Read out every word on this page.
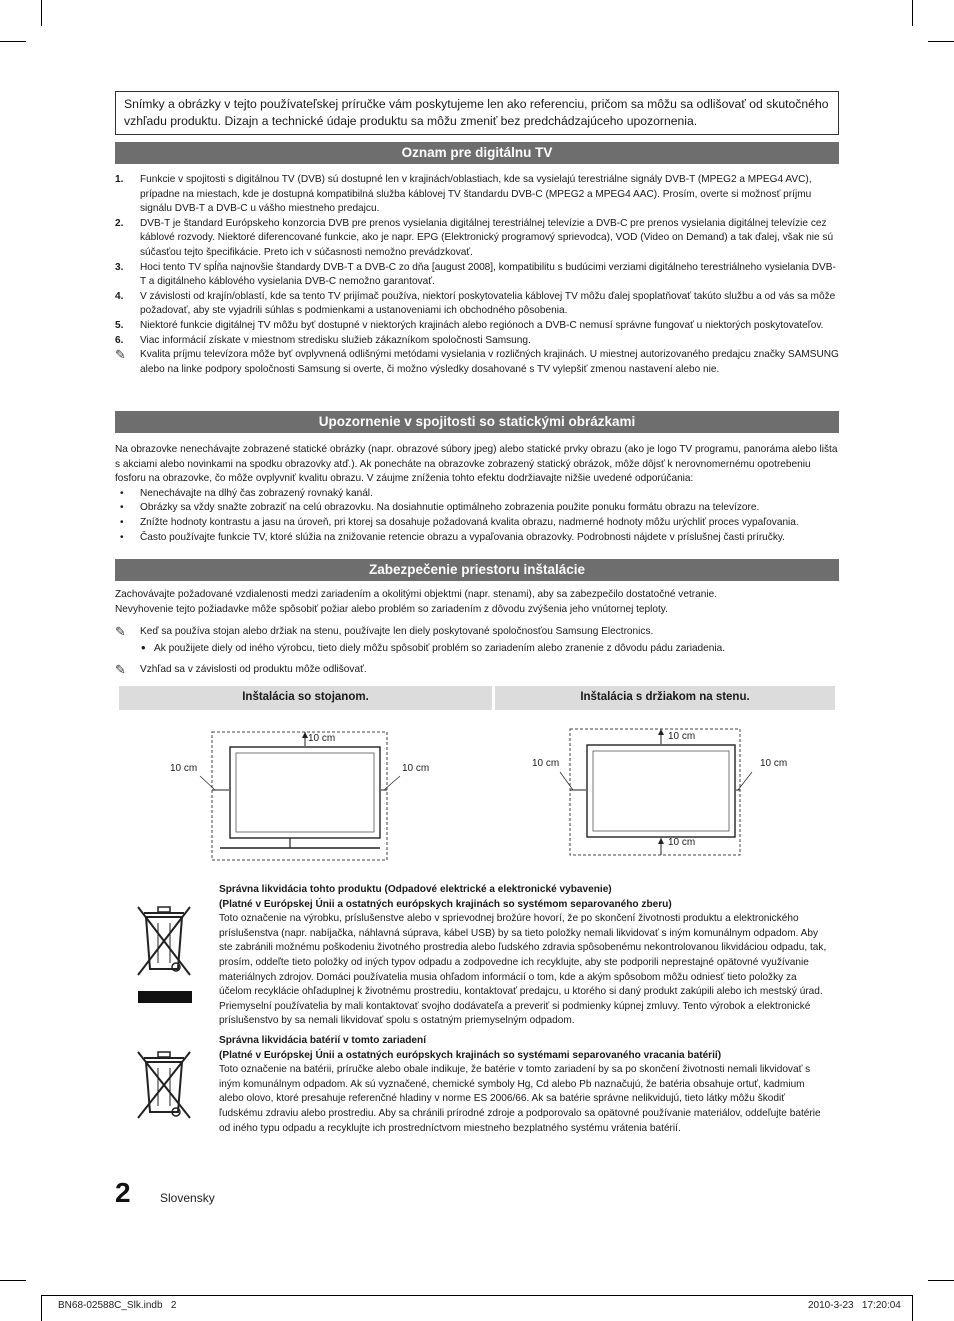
Snímky a obrázky v tejto používateľskej príručke vám poskytujeme len ako referenciu, pričom sa môžu sa odlišovať od skutočného vzhľadu produktu. Dizajn a technické údaje produktu sa môžu zmeniť bez predchádzajúceho upozornenia.
Oznam pre digitálnu TV
1. Funkcie v spojitosti s digitálnou TV (DVB) sú dostupné len v krajinách/oblastiach, kde sa vysielajú terestriálne signály DVB-T (MPEG2 a MPEG4 AVC), prípadne na miestach, kde je dostupná kompatibilná služba káblovej TV štandardu DVB-C (MPEG2 a MPEG4 AAC). Prosím, overte si možnosť príjmu signálu DVB-T a DVB-C u vášho miestneho predajcu.
2. DVB-T je štandard Európskeho konzorcia DVB pre prenos vysielania digitálnej terestriálnej televízie a DVB-C pre prenos vysielania digitálnej televízie cez káblové rozvody. Niektoré diferencované funkcie, ako je napr. EPG (Elektronický programový sprievodca), VOD (Video on Demand) a tak ďalej, však nie sú súčasťou tejto špecifikácie. Preto ich v súčasnosti nemožno prevádzkovať.
3. Hoci tento TV spĺňa najnovšie štandardy DVB-T a DVB-C zo dňa [august 2008], kompatibilitu s budúcimi verziami digitálneho terestriálneho vysielania DVB-T a digitálneho káblového vysielania DVB-C nemožno garantovať.
4. V závislosti od krajín/oblastí, kde sa tento TV prijímač používa, niektorí poskytovatelia káblovej TV môžu ďalej spoplatňovať takúto službu a od vás sa môže požadovať, aby ste vyjadrili súhlas s podmienkami a ustanoveniami ich obchodného pôsobenia.
5. Niektoré funkcie digitálnej TV môžu byť dostupné v niektorých krajinách alebo regiónoch a DVB-C nemusí správne fungovať u niektorých poskytovateľov.
6. Viac informácií získate v miestnom stredisku služieb zákazníkom spoločnosti Samsung.
✎ Kvalita príjmu televízora môže byť ovplyvnená odlišnými metódami vysielania v rozličných krajinách. U miestnej autorizovaného predajcu značky SAMSUNG alebo na linke podpory spoločnosti Samsung si overte, či možno výsledky dosahované s TV vylepšiť zmenou nastavení alebo nie.
Upozornenie v spojitosti so statickými obrázkami

Na obrazovke nenechávajte zobrazené statické obrázky (napr. obrazové súbory jpeg) alebo statické prvky obrazu (ako je logo TV programu, panoráma alebo lišta s akciami alebo novinkami na spodku obrazovky atď.). Ak ponecháte na obrazovke zobrazený statický obrázok, môže dôjsť k nerovnomernému opotrebeniu fosforu na obrazovke, čo môže ovplyvniť kvalitu obrazu. V záujme zníženia tohto efektu dodržiavajte nižšie uvedené odporúčania:

• Nenechávajte na dlhý čas zobrazený rovnaký kanál.
• Obrázky sa vždy snažte zobraziť na celú obrazovku. Na dosiahnutie optimálneho zobrazenia použite ponuku formátu obrazu na televízore.
• Znížte hodnoty kontrastu a jasu na úroveň, pri ktorej sa dosahuje požadovaná kvalita obrazu, nadmerné hodnoty môžu urýchliť proces vypaľovania.
• Často používajte funkcie TV, ktoré slúžia na znižovanie retencie obrazu a vypaľovania obrazovky. Podrobnosti nájdete v príslušnej časti príručky.
Zabezpečenie priestoru inštalácie

Zachovávajte požadované vzdialenosti medzi zariadením a okolitými objektmi (napr. stenami), aby sa zabezpečilo dostatočné vetranie.

Nevyhovenie tejto požiadavke môže spôsobiť požiar alebo problém so zariadením z dôvodu zvýšenia jeho vnútornej teploty.

✎ Keď sa používa stojan alebo držiak na stenu, používajte len diely poskytované spoločnosťou Samsung Electronics.
• Ak použijete diely od iného výrobcu, tieto diely môžu spôsobiť problém so zariadením alebo zranenie z dôvodu pádu zariadenia.
✎ Vzhľad sa v závislosti od produktu môže odlišovať.
Inštalácia so stojanom.	Inštalácia s držiakom na stenu.
10 cm
10 cm	10 cm
10 cm
10 cm	10 cm
10 cm
Správna likvidácia tohto produktu (Odpadové elektrické a elektronické vybavenie)
(Platné v Európskej Únii a ostatných európskych krajinách so systémom separovaného zberu)
Toto označenie na výrobku, príslušenstve alebo v sprievodnej brožúre hovorí, že po skončení životnosti produktu a elektronického príslušenstva (napr. nabíjačka, náhlavná súprava, kábel USB) by sa tieto položky nemali likvidovať s iným komunálnym odpadom. Aby ste zabránili možnému poškodeniu životného prostredia alebo ľudského zdravia spôsobenému nekontrolovanou likvidáciou odpadu, tak, prosím, oddeľte tieto položky od iných typov odpadu a zodpovedne ich recyklujte, aby ste podporili neprestajné opätovné využívanie materiálnych zdrojov. Domáci používatelia musia ohľadom informácií o tom, kde a akým spôsobom môžu odniesť tieto položky za účelom recyklácie ohľaduplnej k životnému prostrediu, kontaktovať predajcu, u ktorého si daný produkt zakúpili alebo ich mestský úrad. Priemyselní používatelia by mali kontaktovať svojho dodávateľa a preveriť si podmienky kúpnej zmluvy. Tento výrobok a elektronické príslušenstvo by sa nemali likvidovať spolu s ostatným priemyselným odpadom.
Správna likvidácia batérií v tomto zariadení
(Platné v Európskej Únii a ostatných európskych krajinách so systémami separovaného vracania batérií)
Toto označenie na batérii, príručke alebo obale indikuje, že batérie v tomto zariadení by sa po skončení životnosti nemali likvidovať s iným komunálnym odpadom. Ak sú vyznačené, chemické symboly Hg, Cd alebo Pb naznačujú, že batéria obsahuje ortuť, kadmium alebo olovo, ktoré presahuje referenčné hladiny v norme ES 2006/66. Ak sa batérie správne nelikvidujú, tieto látky môžu škodiť ľudskému zdraviu alebo prostrediu. Aby sa chránili prírodné zdroje a podporovalo sa opätovné používanie materiálov, oddeľujte batérie od iného typu odpadu a recyklujte ich prostredníctvom miestneho bezplatného systému vrátenia batérií.
2 Slovensky
BN68-02588C_Slk.indb   2	2010-3-23   17:20:04
